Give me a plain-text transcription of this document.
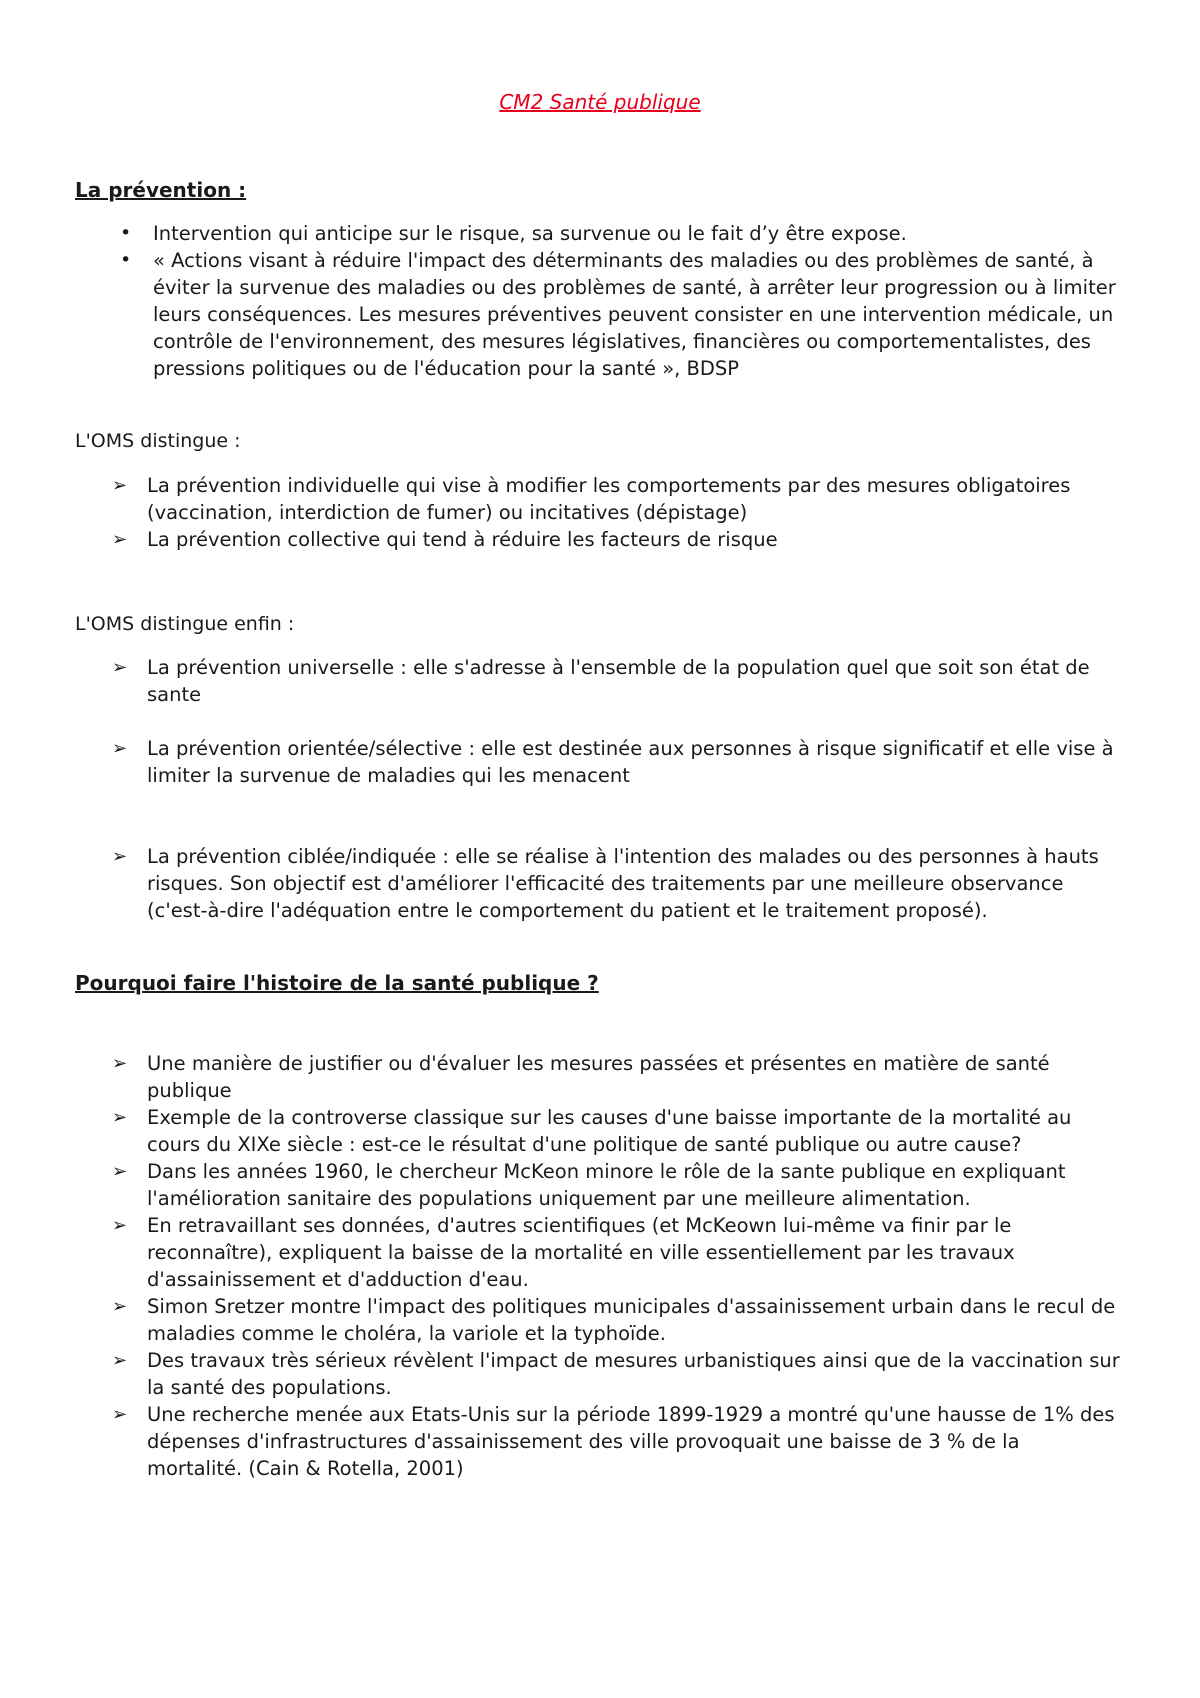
CM2 Santé publique
La prévention :
• Intervention qui anticipe sur le risque, sa survenue ou le fait d’y être expose.
• « Actions visant à réduire l'impact des déterminants des maladies ou des problèmes de santé, à éviter la survenue des maladies ou des problèmes de santé, à arrêter leur progression ou à limiter leurs conséquences. Les mesures préventives peuvent consister en une intervention médicale, un contrôle de l'environnement, des mesures législatives, financières ou comportementalistes, des pressions politiques ou de l'éducation pour la santé », BDSP

L'OMS distingue :

➢ La prévention individuelle qui vise à modifier les comportements par des mesures obligatoires (vaccination, interdiction de fumer) ou incitatives (dépistage)
➢ La prévention collective qui tend à réduire les facteurs de risque

L'OMS distingue enfin :

➢ La prévention universelle : elle s'adresse à l'ensemble de la population quel que soit son état de sante
➢ La prévention orientée/sélective : elle est destinée aux personnes à risque significatif et elle vise à limiter la survenue de maladies qui les menacent
➢ La prévention ciblée/indiquée : elle se réalise à l'intention des malades ou des personnes à hauts risques. Son objectif est d'améliorer l'efficacité des traitements par une meilleure observance (c'est-à-dire l'adéquation entre le comportement du patient et le traitement proposé).
Pourquoi faire l'histoire de la santé publique ?
➢ Une manière de justifier ou d'évaluer les mesures passées et présentes en matière de santé publique
➢ Exemple de la controverse classique sur les causes d'une baisse importante de la mortalité au cours du XIXe siècle : est-ce le résultat d'une politique de santé publique ou autre cause?
➢ Dans les années 1960, le chercheur McKeon minore le rôle de la sante publique en expliquant l'amélioration sanitaire des populations uniquement par une meilleure alimentation.
➢ En retravaillant ses données, d'autres scientifiques (et McKeown lui-même va finir par le reconnaître), expliquent la baisse de la mortalité en ville essentiellement par les travaux d'assainissement et d'adduction d'eau.
➢ Simon Sretzer montre l'impact des politiques municipales d'assainissement urbain dans le recul de maladies comme le choléra, la variole et la typhoïde.
➢ Des travaux très sérieux révèlent l'impact de mesures urbanistiques ainsi que de la vaccination sur la santé des populations.
➢ Une recherche menée aux Etats-Unis sur la période 1899-1929 a montré qu'une hausse de 1% des dépenses d'infrastructures d'assainissement des ville provoquait une baisse de 3 % de la mortalité. (Cain & Rotella, 2001)
